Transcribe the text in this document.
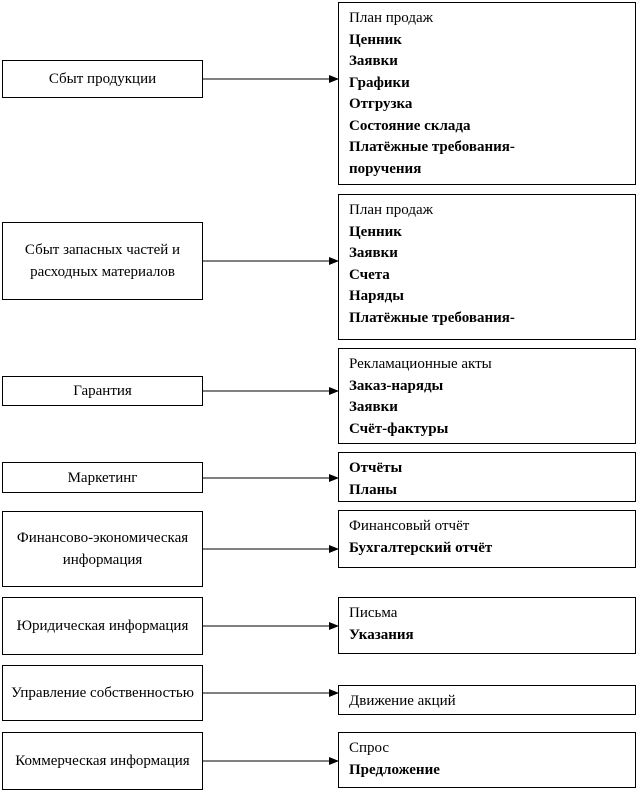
Сбыт продукции
План продаж
Ценник
Заявки
Графики
Отгрузка
Состояние склада
Платёжные требования-
поручения
Сбыт запасных частей и расходных материалов
План продаж
Ценник
Заявки
Счета
Наряды
Платёжные требования-
Гарантия
Рекламационные акты
Заказ-наряды
Заявки
Счёт-фактуры
Маркетинг
Отчёты
Планы
Финансово-экономическая информация
Финансовый отчёт
Бухгалтерский отчёт
Юридическая информация
Письма
Указания
Управление собственностью	Движение акций
Коммерческая информация
Спрос
Предложение
